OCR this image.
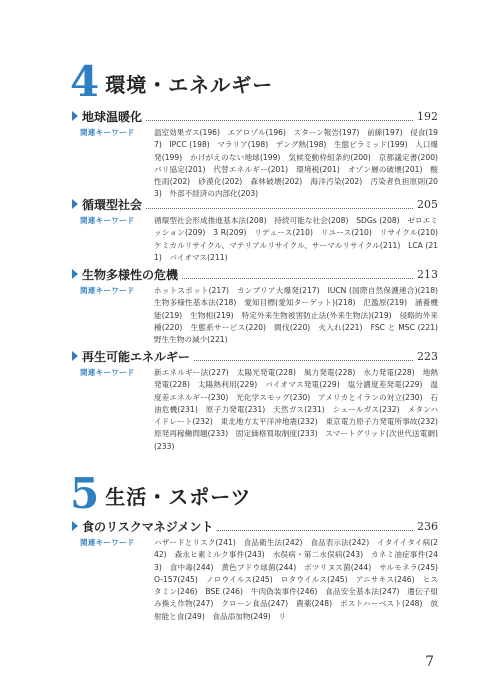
4 環境・エネルギー
地球温暖化	192
関連キーワード	温室効果ガス(196)　エアロゾル(196)　スターン報告(197)　前線(197)　侵食(197)　IPCC (198)　マラリア(198)　デング熱(198)　生態ピラミッド(199)　人口爆発(199)　かけがえのない地球(199)　気候変動枠組条約(200)　京都議定書(200)　パリ協定(201)　代替エネルギー(201)　環境税(201)　オゾン層の破壊(201)　酸性雨(202)　砂漠化(202)　森林破壊(202)　海洋汚染(202)　汚染者負担原則(203)　外部不経済の内部化(203)
循環型社会	205
関連キーワード	循環型社会形成推進基本法(208)　持続可能な社会(208)　SDGs (208)　ゼロエミッション(209)　3 R(209)　リデュース(210)　リユース(210)　リサイクル(210)　ケミカルリサイクル、マテリアルリサイクル、サーマルリサイクル(211)　LCA (211)　バイオマス(211)
生物多様性の危機	213
関連キーワード	ホットスポット(217)　カンブリア大爆発(217)　IUCN (国際自然保護連合)(218)　生物多様性基本法(218)　愛知目標(愛知ターゲット)(218)　氾濫原(219)　涵養機能(219)　生物相(219)　特定外来生物被害防止法(外来生物法)(219)　侵略的外来種(220)　生態系サービス(220)　間伐(220)　火入れ(221)　FSC と MSC (221)　野生生物の減少(221)
再生可能エネルギー	223
関連キーワード	新エネルギー法(227)　太陽光発電(228)　風力発電(228)　水力発電(228)　地熱発電(228)　太陽熱利用(229)　バイオマス発電(229)　塩分濃度差発電(229)　温度差エネルギー(230)　光化学スモッグ(230)　アメリカとイランの対立(230)　石油危機(231)　原子力発電(231)　天然ガス(231)　シェールガス(232)　メタンハイドレート(232)　東北地方太平洋沖地震(232)　東京電力原子力発電所事故(232)　原発再稼働問題(233)　固定価格買取制度(233)　スマートグリッド(次世代送電網)(233)
5 生活・スポーツ
食のリスクマネジメント	236
関連キーワード	ハザードとリスク(241)　食品衛生法(242)　食品表示法(242)　イタイイタイ病(242)　森永ヒ素ミルク事件(243)　水俣病・第二水俣病(243)　カネミ油症事件(243)　食中毒(244)　黄色ブドウ球菌(244)　ボツリヌス菌(244)　サルモネラ(245)　O-157(245)　ノロウイルス(245)　ロタウイルス(245)　アニサキス(246)　ヒスタミン(246)　BSE (246)　牛肉偽装事件(246)　食品安全基本法(247)　遺伝子組み換え作物(247)　クローン食品(247)　農薬(248)　ポストハーベスト(248)　放射能と食(249)　食品添加物(249)　リ
7
